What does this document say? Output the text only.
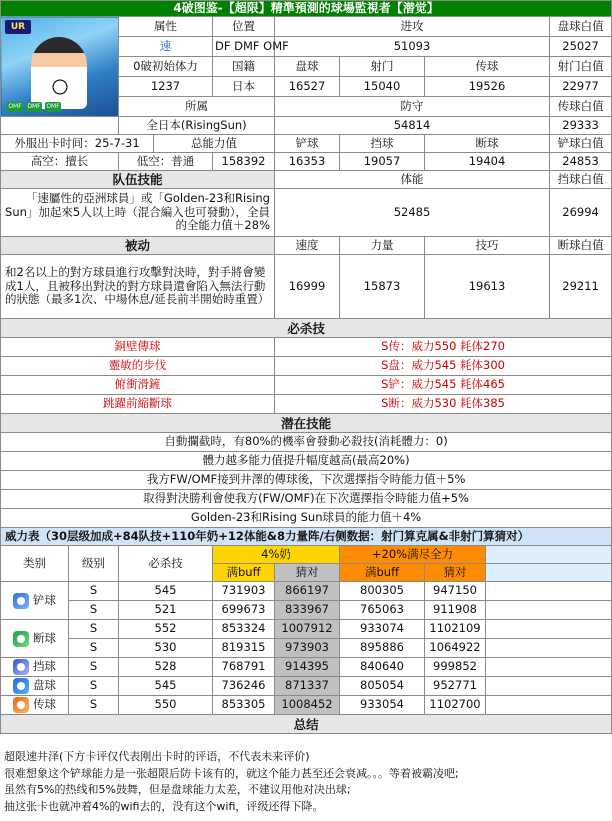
4破图鉴-【超限】精準預測的球場監視者【潜觉】									

UR
OMF DMF OMF		属性		位置	进攻				盘球白值
		速		DF DMF OMF	51093				25027
		0破初始体力		国籍	盘球	射门	传球		射门白值
		1237		日本	16527	15040	19526		22977
		所属			防守				传球白值
		全日本(RisingSun)			54814				29333
外服出卡时间：25-7-31			总能力值		铲球	挡球	断球		铲球白值
高空：擅长		低空：普通		158392	16353	19057	19404		24853
队伍技能					体能				挡球白值
「速屬性的亞洲球員」或「Golden-23和Rising Sun」加起來5人以上時（混合編入也可發動），全員的全能力值＋28%					52485				26994
被动					速度	力量	技巧		断球白值
和2名以上的對方球員進行攻擊對決時，對手將會變成1人，且被移出對決的對方球員還會陷入無法行動的狀態（最多1次、中場休息/延長前半開始時重置）					16999	15873	19613		29211
必杀技									
銅壁傳球					S传：威力550 耗体270				
靈敏的步伐					S盘：威力545 耗体300				
俯衝滑鏟					S铲：威力545 耗体465				
跳躍前縮斷球					S断：威力530 耗体385				
潜在技能									
自動攔截時，有80%的機率會發動必殺技(消耗體力：0)									
體力越多能力值提升幅度越高(最高20%)									
我方FW/OMF接到井澤的傳球後，下次選擇指令時能力值＋5%									
取得對決勝利會使我方(FW/OMF)在下次選擇指令時能力值+5%									
Golden-23和Rising Sun球員的能力值＋4%									
威力表（30层级加成+84队技+110年奶+12体能&8力量阵/右侧数据：射门算克属&非射门算猜对）									
类别	级别	必杀技		4%奶		+20%满尽全力			
				满buff	猜对	满buff	猜对		

铲球	S	545		731903	866197	800305	947150		
	S	521		699673	833967	765063	911908		

断球	S	552		853324	1007912	933074	1102109		
	S	530		819315	973903	895886	1064922		

挡球	S	528		768791	914395	840640	999852		

盘球	S	545		736246	871337	805054	952771		

传球	S	550		853305	1008452	933054	1102700		
总结									
超限速井泽(下方卡评仅代表刚出卡时的评语，不代表未来评价)
很难想象这个铲球能力是一张超限后防卡该有的，就这个能力甚至还会衰减。。。等着被霸凌吧;
虽然有5%的热线和5%鼓舞，但是盘球能力太差，不建议用他对决出球;
抽这张卡也就冲着4%的wifi去的，没有这个wifi，评级还得下降。
